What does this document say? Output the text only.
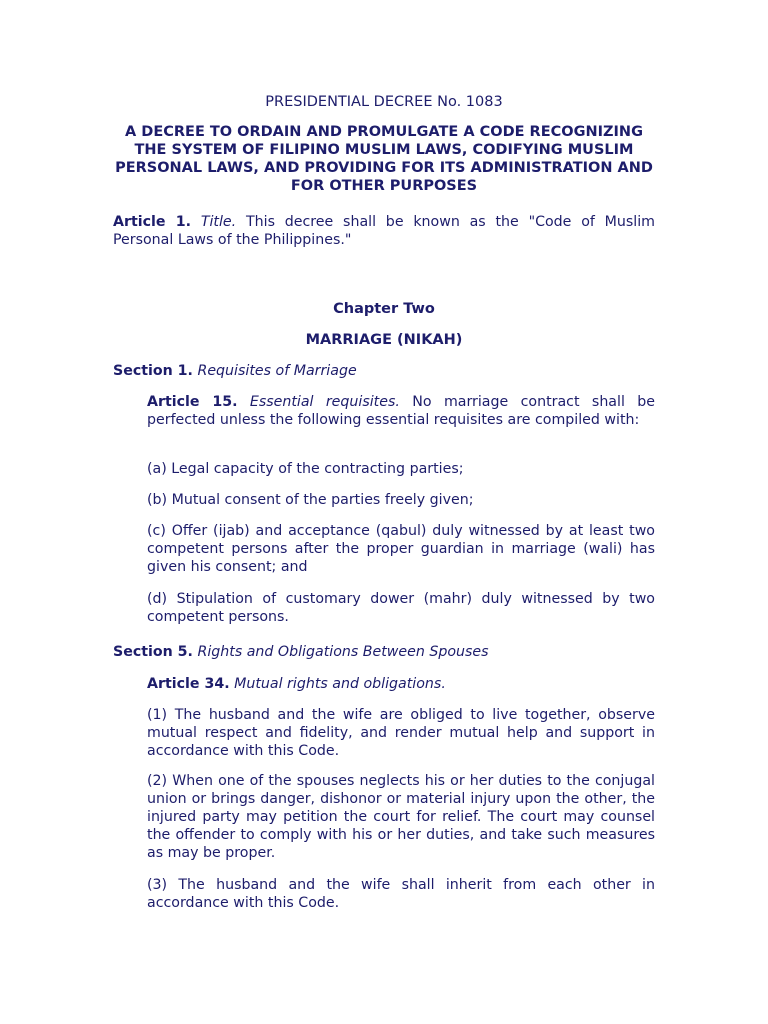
PRESIDENTIAL DECREE No. 1083

A DECREE TO ORDAIN AND PROMULGATE A CODE RECOGNIZING THE SYSTEM OF FILIPINO MUSLIM LAWS, CODIFYING MUSLIM PERSONAL LAWS, AND PROVIDING FOR ITS ADMINISTRATION AND FOR OTHER PURPOSES

Article 1. Title. This decree shall be known as the "Code of Muslim Personal Laws of the Philippines."

Chapter Two

MARRIAGE (NIKAH)

Section 1. Requisites of Marriage

Article 15. Essential requisites. No marriage contract shall be perfected unless the following essential requisites are compiled with:

(a) Legal capacity of the contracting parties;

(b) Mutual consent of the parties freely given;

(c) Offer (ijab) and acceptance (qabul) duly witnessed by at least two competent persons after the proper guardian in marriage (wali) has given his consent; and

(d) Stipulation of customary dower (mahr) duly witnessed by two competent persons.

Section 5. Rights and Obligations Between Spouses

Article 34. Mutual rights and obligations.

(1) The husband and the wife are obliged to live together, observe mutual respect and fidelity, and render mutual help and support in accordance with this Code.

(2) When one of the spouses neglects his or her duties to the conjugal union or brings danger, dishonor or material injury upon the other, the injured party may petition the court for relief. The court may counsel the offender to comply with his or her duties, and take such measures as may be proper.

(3) The husband and the wife shall inherit from each other in accordance with this Code.
